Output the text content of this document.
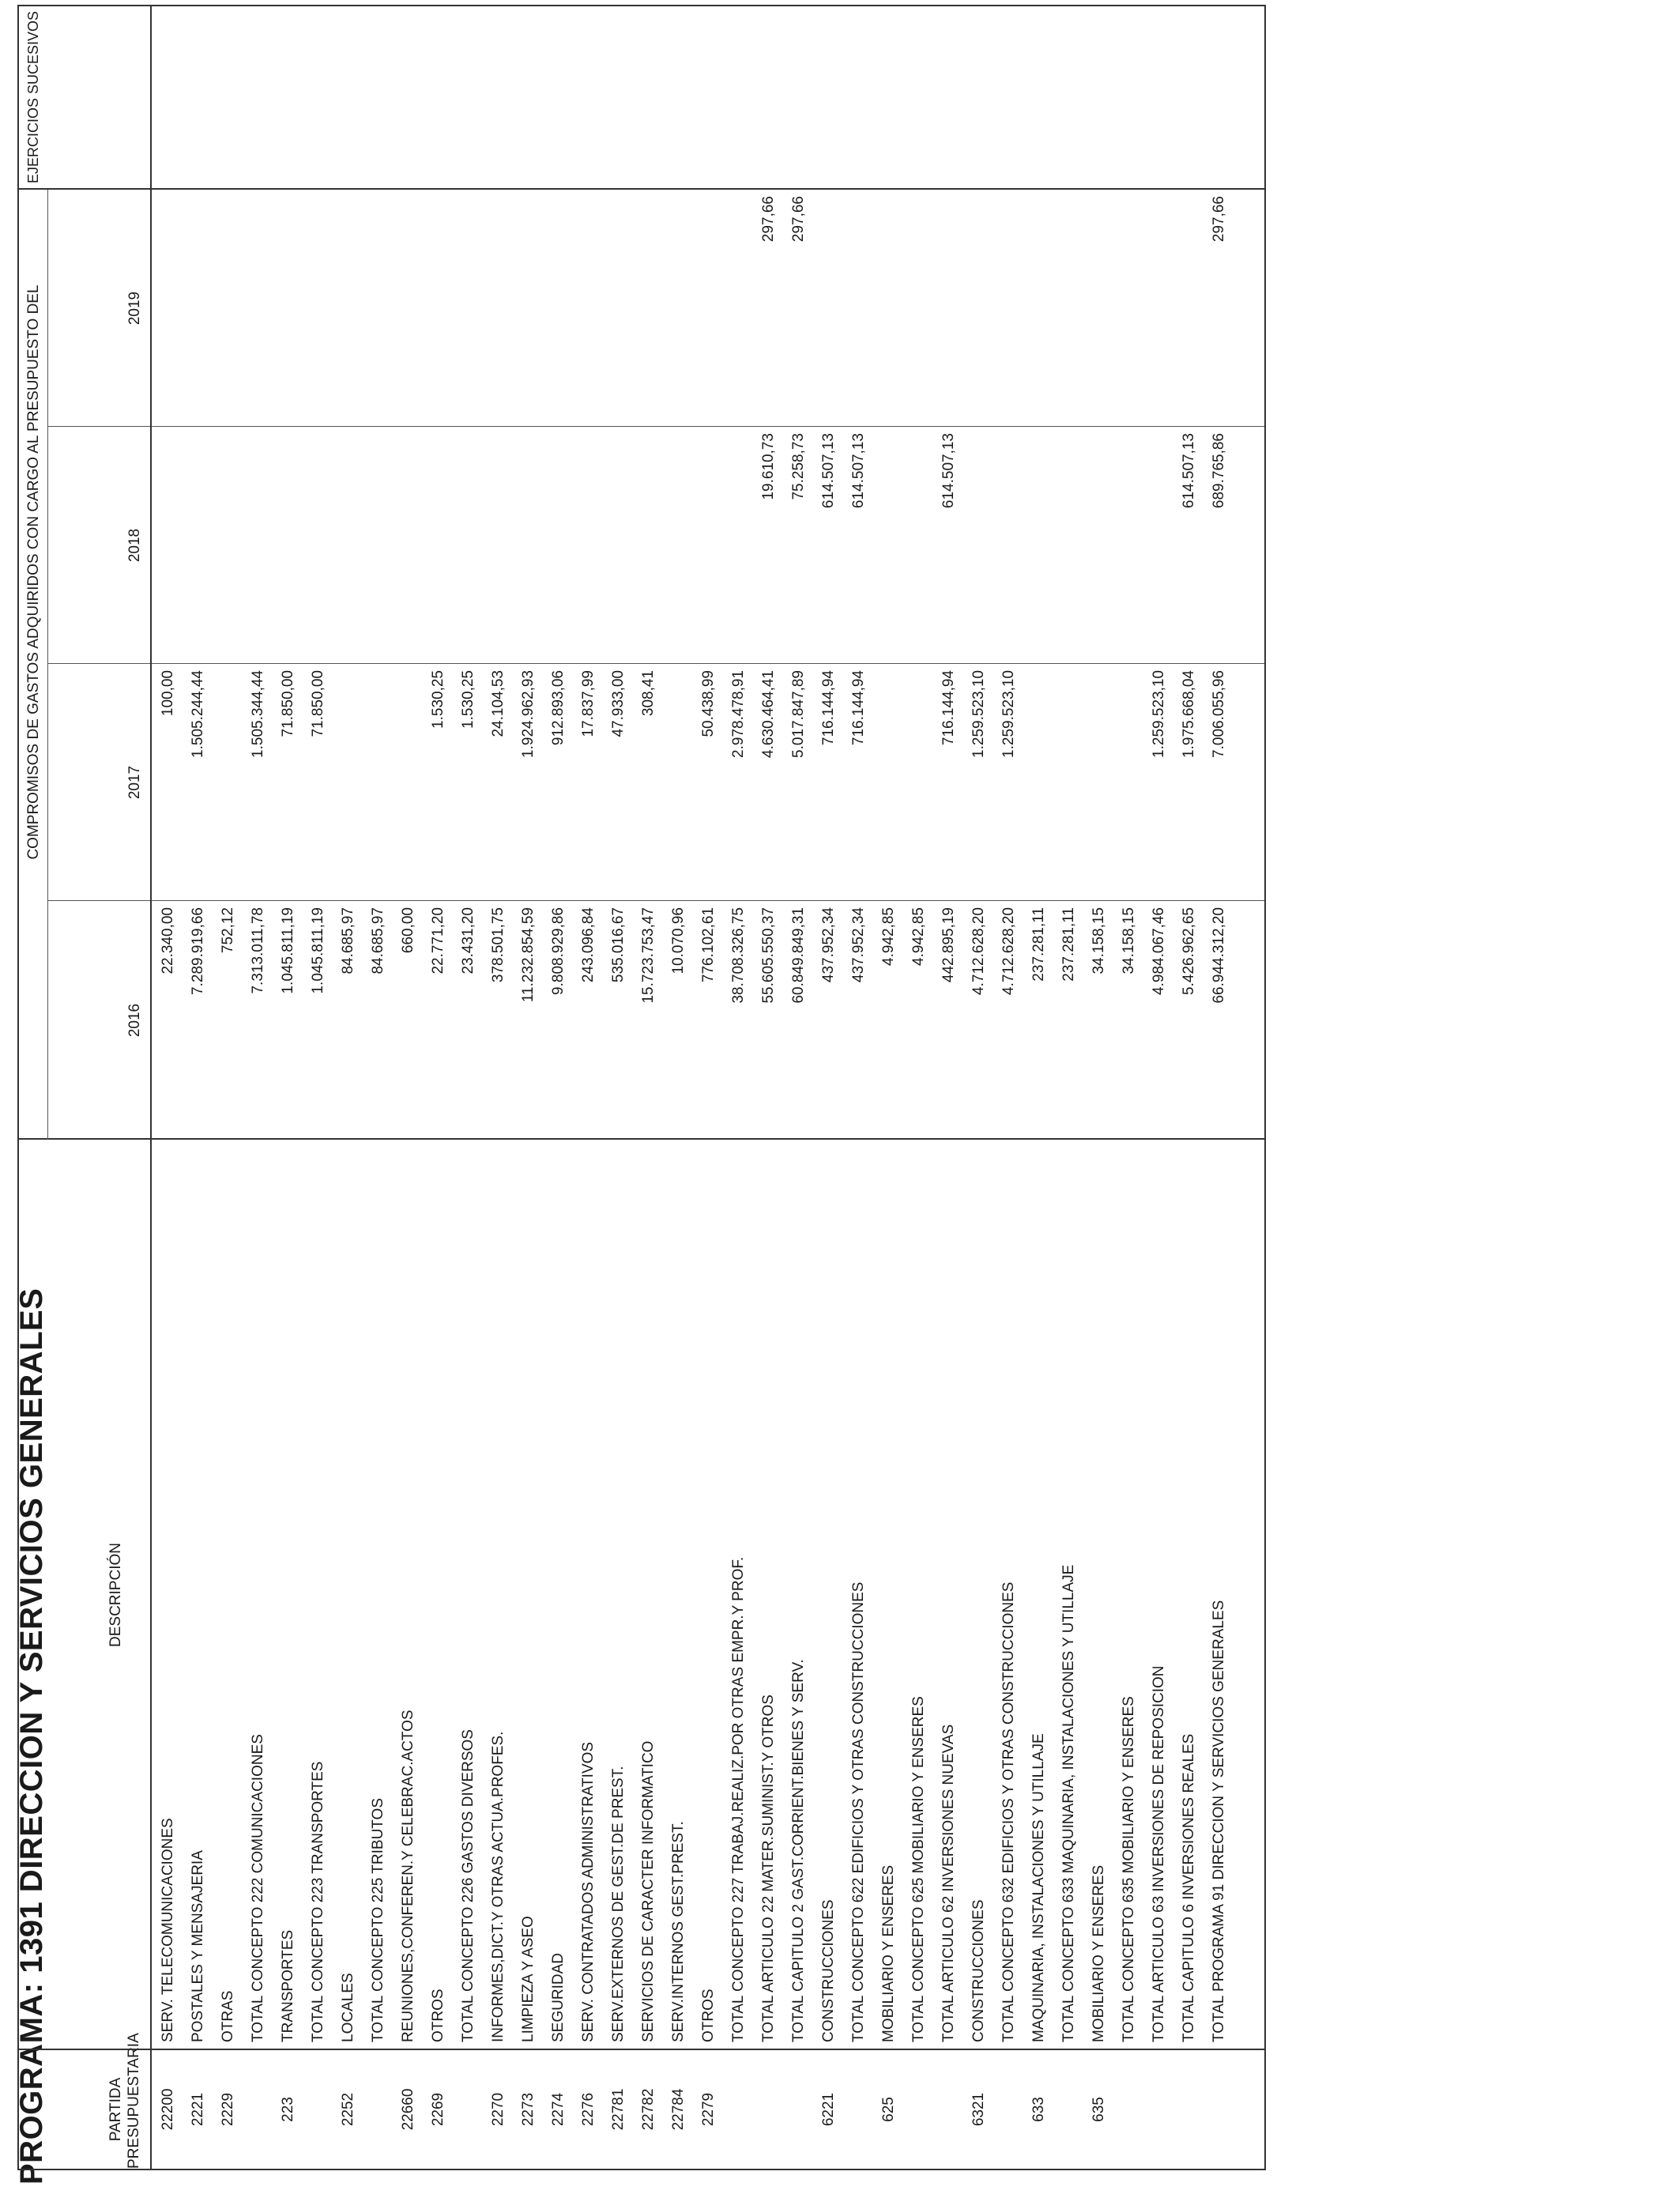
PROGRAMA: 1391 DIRECCION Y SERVICIOS GENERALES	PARTIDA PRESUPUESTARIA
DESCRIPCIÓN
COMPROMISOS DE GASTOS ADQUIRIDOS CON CARGO AL PRESUPUESTO DEL
2016
2017
2018
2019
EJERCICIOS SUCESIVOS
22200
SERV. TELECOMUNICACIONES
22.340,00
100,00
2221
POSTALES Y MENSAJERIA
7.289.919,66
1.505.244,44
2229
OTRAS
752,12
TOTAL CONCEPTO 222 COMUNICACIONES
7.313.011,78
1.505.344,44
223
TRANSPORTES
1.045.811,19
71.850,00
TOTAL CONCEPTO 223 TRANSPORTES
1.045.811,19
71.850,00
2252
LOCALES
84.685,97
TOTAL CONCEPTO 225 TRIBUTOS
84.685,97
22660
REUNIONES,CONFEREN.Y CELEBRAC.ACTOS
660,00
2269
OTROS
22.771,20
1.530,25
TOTAL CONCEPTO 226 GASTOS DIVERSOS
23.431,20
1.530,25
2270
INFORMES,DICT.Y OTRAS ACTUA.PROFES.
378.501,75
24.104,53
2273
LIMPIEZA Y ASEO
11.232.854,59
1.924.962,93
2274
SEGURIDAD
9.808.929,86
912.893,06
2276
SERV. CONTRATADOS ADMINISTRATIVOS
243.096,84
17.837,99
22781
SERV.EXTERNOS DE GEST.DE PREST.
535.016,67
47.933,00
22782
SERVICIOS DE CARACTER INFORMATICO
15.723.753,47
308,41
22784
SERV.INTERNOS GEST.PREST.
10.070,96
2279
OTROS
776.102,61
50.438,99
TOTAL CONCEPTO 227 TRABAJ.REALIZ.POR OTRAS EMPR.Y PROF.
38.708.326,75
2.978.478,91
TOTAL ARTICULO 22 MATER.SUMINIST.Y OTROS
55.605.550,37
4.630.464,41
19.610,73
297,66
TOTAL CAPITULO 2 GAST.CORRIENT.BIENES Y SERV.
60.849.849,31
5.017.847,89
75.258,73
297,66
6221
CONSTRUCCIONES
437.952,34
716.144,94
614.507,13
TOTAL CONCEPTO 622 EDIFICIOS Y OTRAS CONSTRUCCIONES
437.952,34
716.144,94
614.507,13
625
MOBILIARIO Y ENSERES
4.942,85
TOTAL CONCEPTO 625 MOBILIARIO Y ENSERES
4.942,85
TOTAL ARTICULO 62 INVERSIONES NUEVAS
442.895,19
716.144,94
614.507,13
6321
CONSTRUCCIONES
4.712.628,20
1.259.523,10
TOTAL CONCEPTO 632 EDIFICIOS Y OTRAS CONSTRUCCIONES
4.712.628,20
1.259.523,10
633
MAQUINARIA, INSTALACIONES Y UTILLAJE
237.281,11
TOTAL CONCEPTO 633 MAQUINARIA, INSTALACIONES Y UTILLAJE
237.281,11
635
MOBILIARIO Y ENSERES
34.158,15
TOTAL CONCEPTO 635 MOBILIARIO Y ENSERES
34.158,15
TOTAL ARTICULO 63 INVERSIONES DE REPOSICION
4.984.067,46
1.259.523,10
TOTAL CAPITULO 6 INVERSIONES REALES
5.426.962,65
1.975.668,04
614.507,13
TOTAL PROGRAMA 91 DIRECCION Y SERVICIOS GENERALES
66.944.312,20
7.006.055,96
689.765,86
297,66
